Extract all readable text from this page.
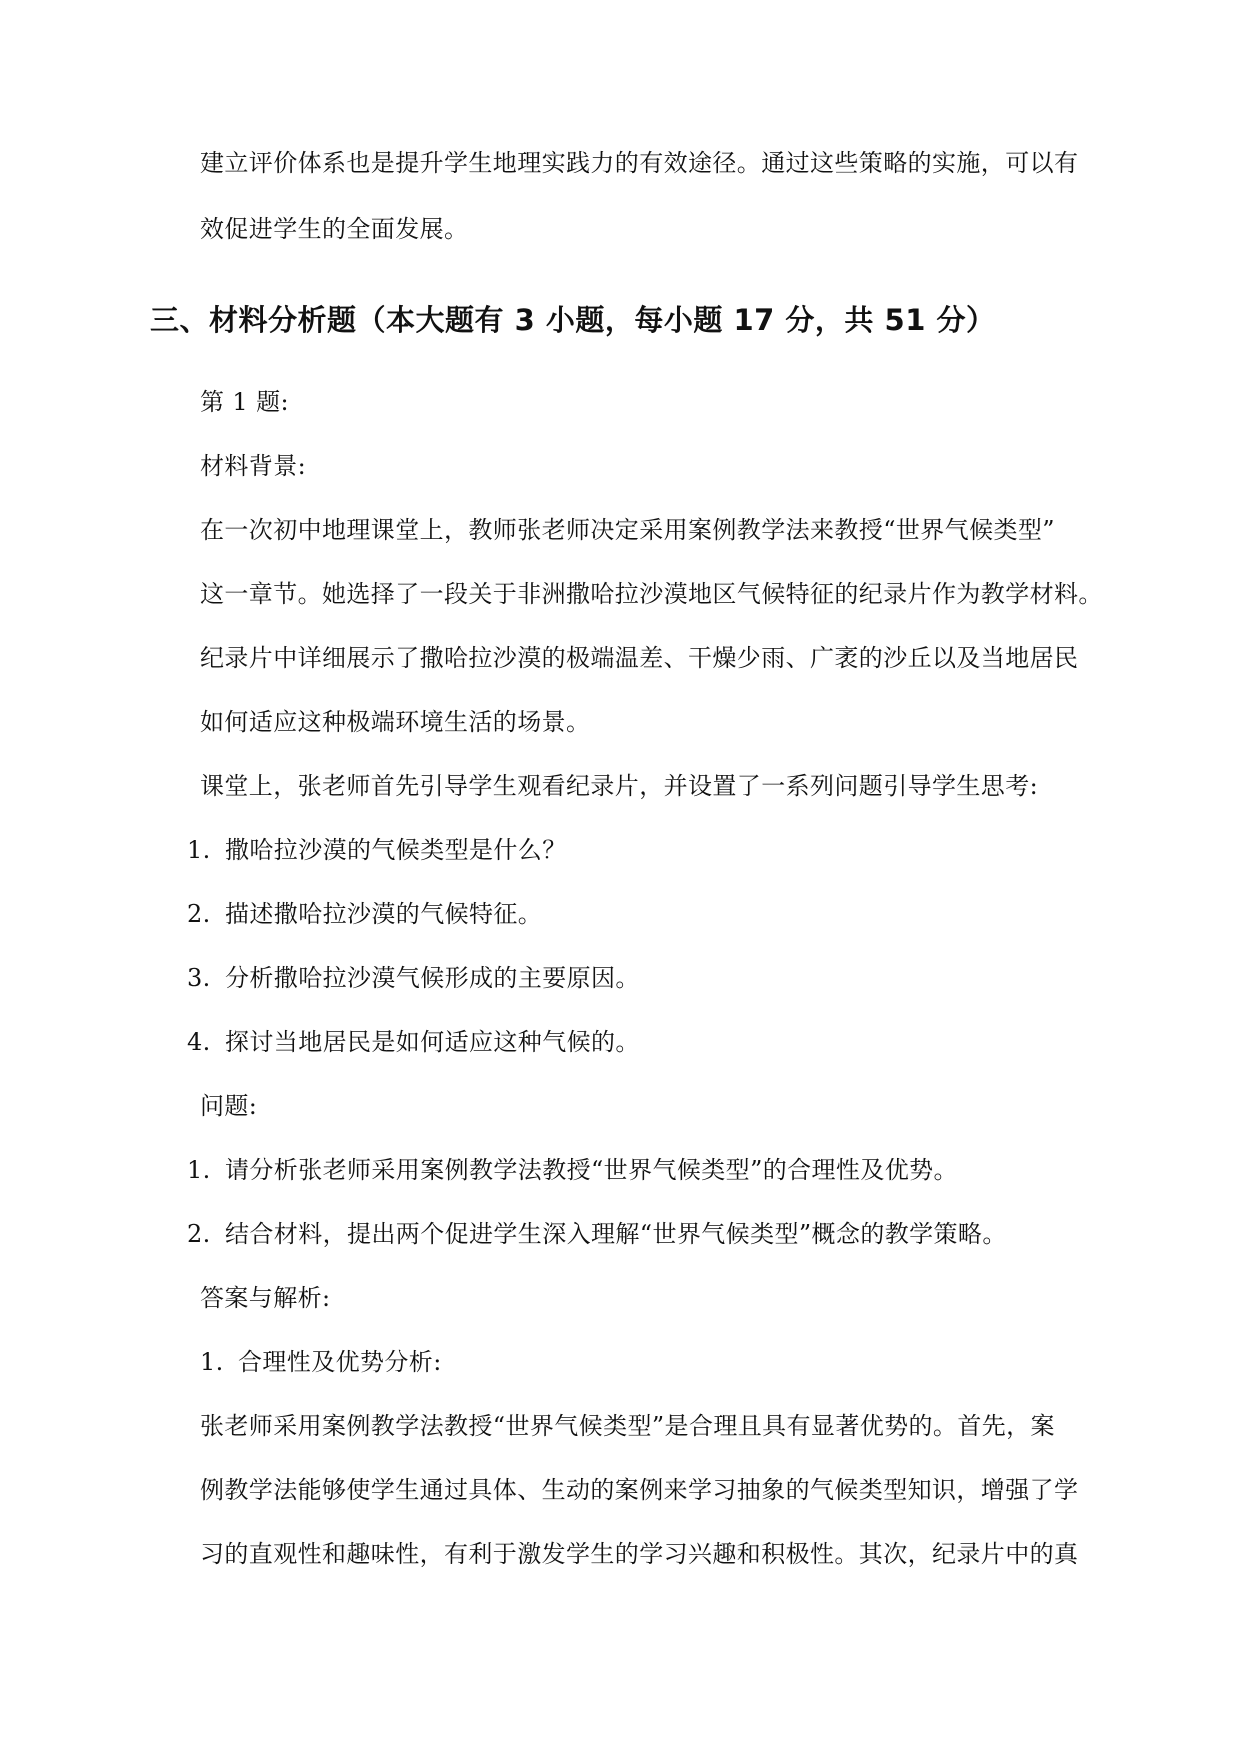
建立评价体系也是提升学生地理实践力的有效途径。通过这些策略的实施，可以有
效促进学生的全面发展。
三、材料分析题（本大题有 3 小题，每小题 17 分，共 51 分）
第 1 题:
材料背景:
在一次初中地理课堂上，教师张老师决定采用案例教学法来教授“世界气候类型”
这一章节。她选择了一段关于非洲撒哈拉沙漠地区气候特征的纪录片作为教学材料。
纪录片中详细展示了撒哈拉沙漠的极端温差、干燥少雨、广袤的沙丘以及当地居民
如何适应这种极端环境生活的场景。
课堂上，张老师首先引导学生观看纪录片，并设置了一系列问题引导学生思考:
1. 撒哈拉沙漠的气候类型是什么？
2. 描述撒哈拉沙漠的气候特征。
3. 分析撒哈拉沙漠气候形成的主要原因。
4. 探讨当地居民是如何适应这种气候的。
问题:
1. 请分析张老师采用案例教学法教授“世界气候类型”的合理性及优势。
2. 结合材料，提出两个促进学生深入理解“世界气候类型”概念的教学策略。
答案与解析:
1. 合理性及优势分析:
张老师采用案例教学法教授“世界气候类型”是合理且具有显著优势的。首先，案
例教学法能够使学生通过具体、生动的案例来学习抽象的气候类型知识，增强了学
习的直观性和趣味性，有利于激发学生的学习兴趣和积极性。其次，纪录片中的真
